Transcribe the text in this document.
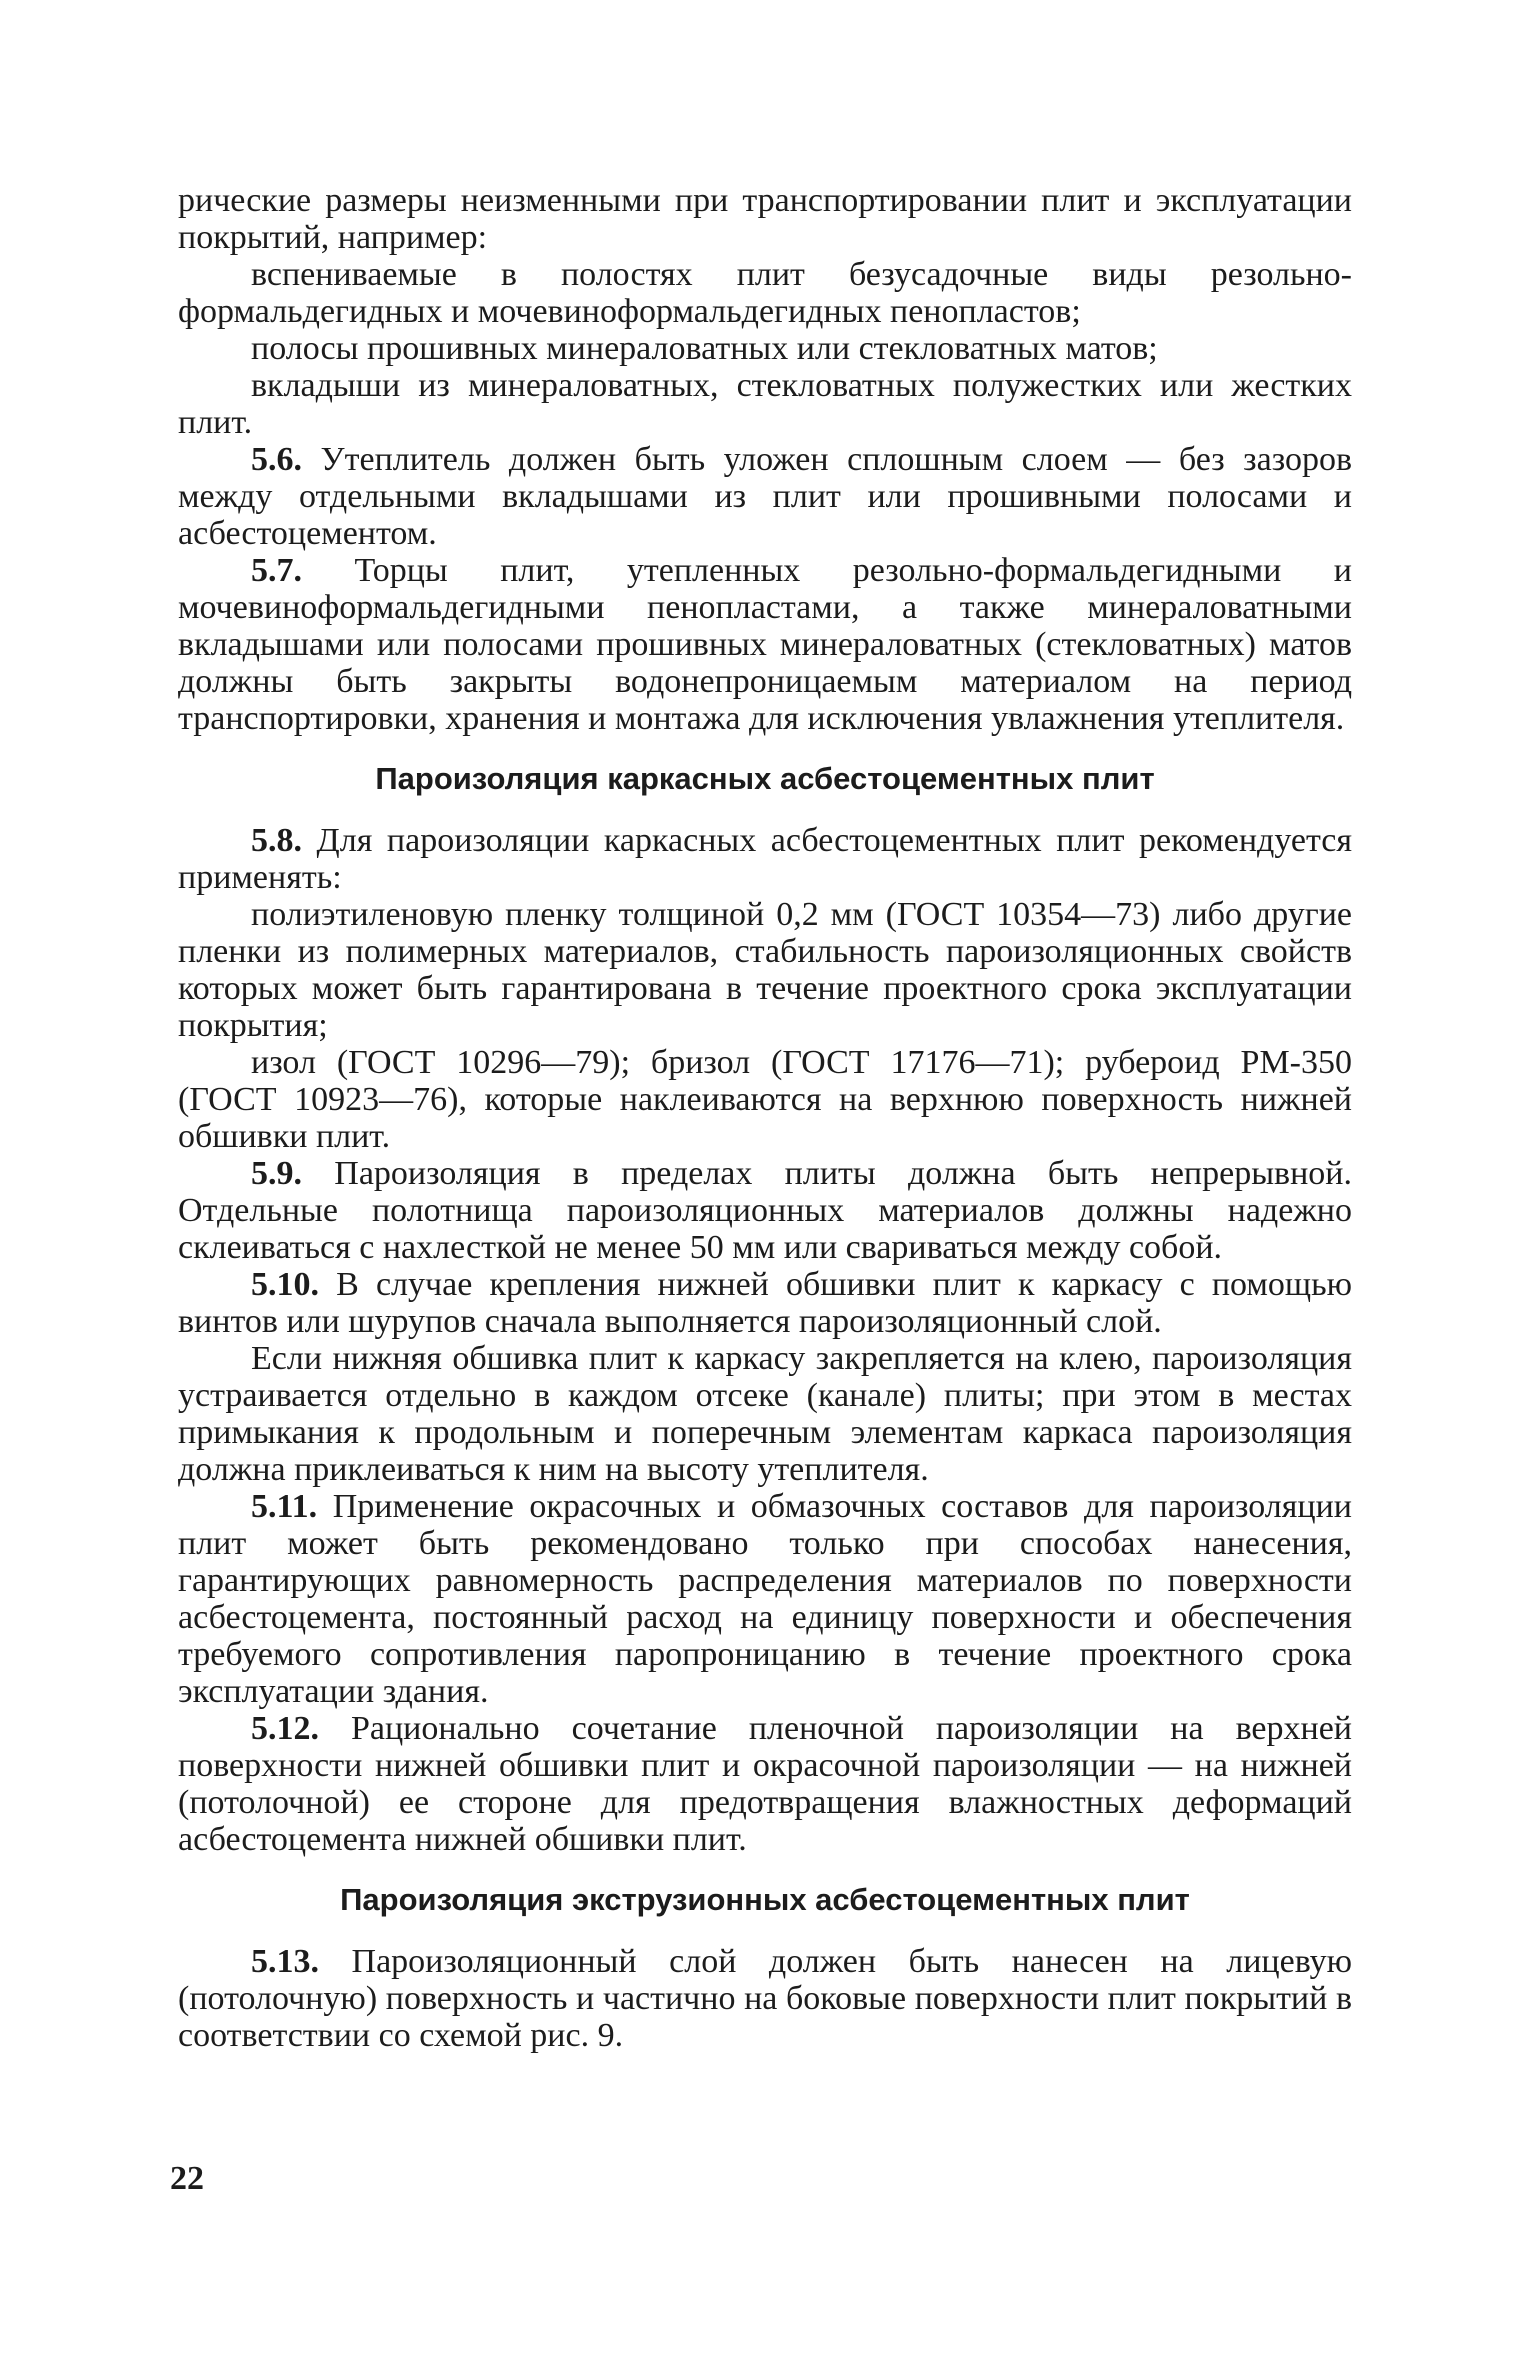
рические размеры неизменными при транспортировании плит и эксплуатации покрытий, например:

вспениваемые в полостях плит безусадочные виды резольно-формальдегидных и мочевиноформальдегидных пенопластов;

полосы прошивных минераловатных или стекловатных матов;

вкладыши из минераловатных, стекловатных полужестких или жестких плит.

5.6. Утеплитель должен быть уложен сплошным слоем — без зазоров между отдельными вкладышами из плит или прошивными полосами и асбестоцементом.

5.7. Торцы плит, утепленных резольно-формальдегидными и мочевиноформальдегидными пенопластами, а также минераловатными вкладышами или полосами прошивных минераловатных (стекловатных) матов должны быть закрыты водонепроницаемым материалом на период транспортировки, хранения и монтажа для исключения увлажнения утеплителя.

Пароизоляция каркасных асбестоцементных плит

5.8. Для пароизоляции каркасных асбестоцементных плит рекомендуется применять:

полиэтиленовую пленку толщиной 0,2 мм (ГОСТ 10354—73) либо другие пленки из полимерных материалов, стабильность пароизоляционных свойств которых может быть гарантирована в течение проектного срока эксплуатации покрытия;

изол (ГОСТ 10296—79); бризол (ГОСТ 17176—71); рубероид РМ-350 (ГОСТ 10923—76), которые наклеиваются на верхнюю поверхность нижней обшивки плит.

5.9. Пароизоляция в пределах плиты должна быть непрерывной. Отдельные полотнища пароизоляционных материалов должны надежно склеиваться с нахлесткой не менее 50 мм или свариваться между собой.

5.10. В случае крепления нижней обшивки плит к каркасу с помощью винтов или шурупов сначала выполняется пароизоляционный слой.

Если нижняя обшивка плит к каркасу закрепляется на клею, пароизоляция устраивается отдельно в каждом отсеке (канале) плиты; при этом в местах примыкания к продольным и поперечным элементам каркаса пароизоляция должна приклеиваться к ним на высоту утеплителя.

5.11. Применение окрасочных и обмазочных составов для пароизоляции плит может быть рекомендовано только при способах нанесения, гарантирующих равномерность распределения материалов по поверхности асбестоцемента, постоянный расход на единицу поверхности и обеспечения требуемого сопротивления паропроницанию в течение проектного срока эксплуатации здания.

5.12. Рационально сочетание пленочной пароизоляции на верхней поверхности нижней обшивки плит и окрасочной пароизоляции — на нижней (потолочной) ее стороне для предотвращения влажностных деформаций асбестоцемента нижней обшивки плит.

Пароизоляция экструзионных асбестоцементных плит

5.13. Пароизоляционный слой должен быть нанесен на лицевую (потолочную) поверхность и частично на боковые поверхности плит покрытий в соответствии со схемой рис. 9.

22
